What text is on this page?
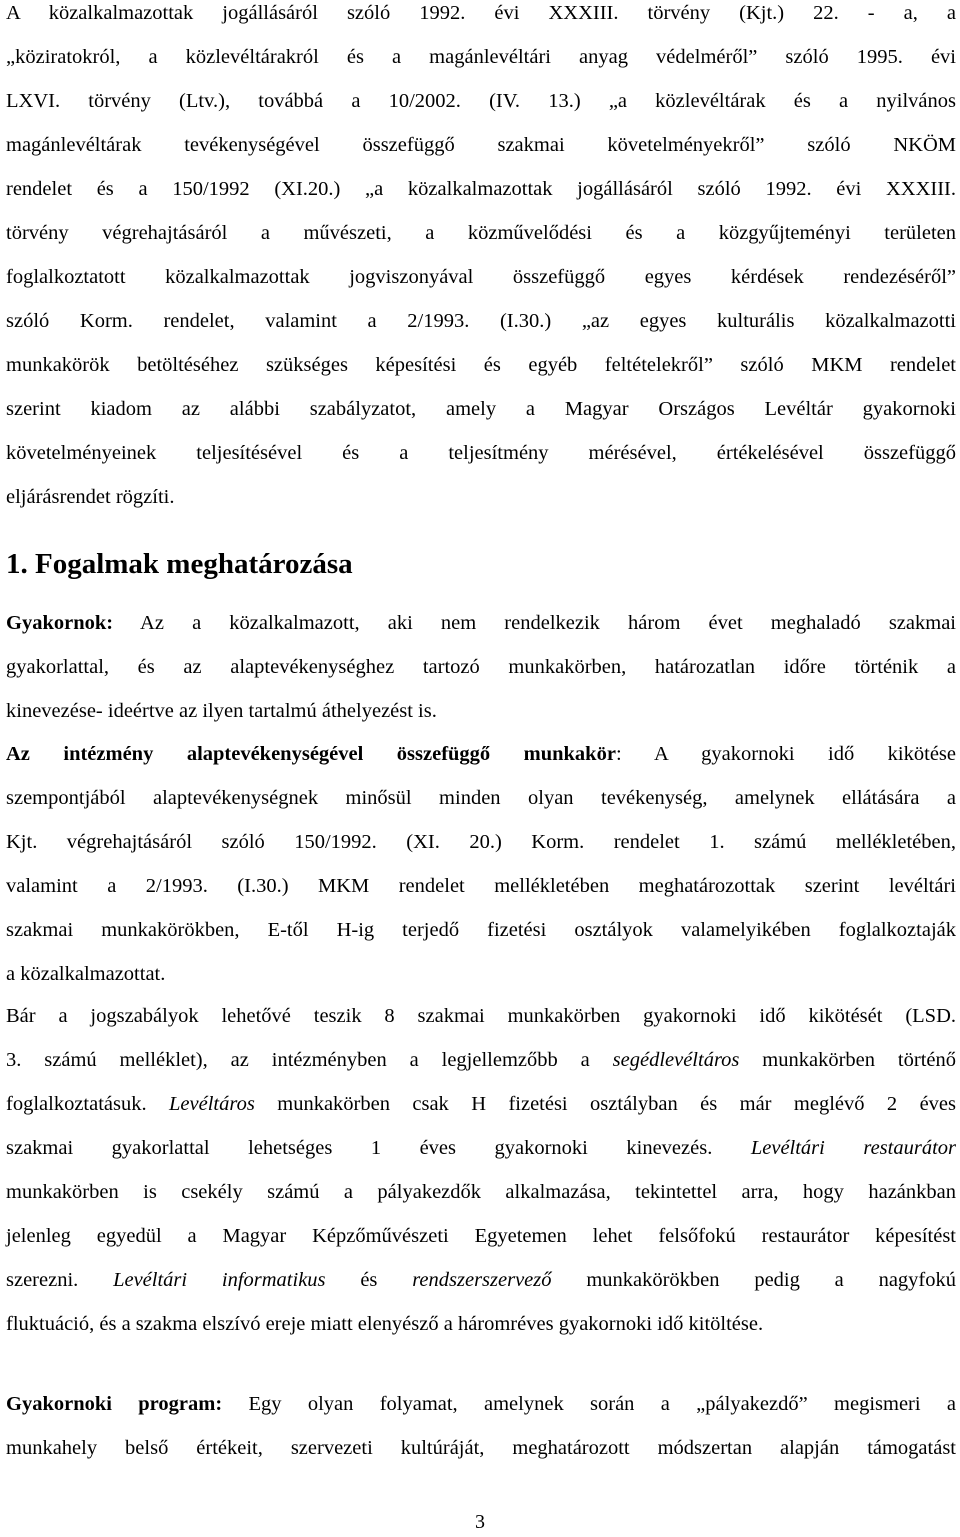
A közalkalmazottak jogállásáról szóló 1992. évi XXXIII. törvény (Kjt.) 22. - a, a
„köziratokról, a közlevéltárakról és a magánlevéltári anyag védelméről” szóló 1995. évi
LXVI. törvény (Ltv.), továbbá a 10/2002. (IV. 13.) „a közlevéltárak és a nyilvános
magánlevéltárak tevékenységével összefüggő szakmai követelményekről” szóló NKÖM
rendelet és a 150/1992 (XI.20.) „a közalkalmazottak jogállásáról szóló 1992. évi XXXIII.
törvény végrehajtásáról a művészeti, a közművelődési és a közgyűjteményi területen
foglalkoztatott közalkalmazottak jogviszonyával összefüggő egyes kérdések rendezéséről”
szóló Korm. rendelet, valamint a 2/1993. (I.30.) „az egyes kulturális közalkalmazotti
munkakörök betöltéséhez szükséges képesítési és egyéb feltételekről” szóló MKM rendelet
szerint kiadom az alábbi szabályzatot, amely a Magyar Országos Levéltár gyakornoki
követelményeinek teljesítésével és a teljesítmény mérésével, értékelésével összefüggő
eljárásrendet rögzíti.
1. Fogalmak meghatározása
Gyakornok: Az a közalkalmazott, aki nem rendelkezik három évet meghaladó szakmai
gyakorlattal, és az alaptevékenységhez tartozó munkakörben, határozatlan időre történik a
kinevezése- ideértve az ilyen tartalmú áthelyezést is.
Az intézmény alaptevékenységével összefüggő munkakör: A gyakornoki idő kikötése
szempontjából alaptevékenységnek minősül minden olyan tevékenység, amelynek ellátására a
Kjt. végrehajtásáról szóló 150/1992. (XI. 20.) Korm. rendelet 1. számú mellékletében,
valamint a 2/1993. (I.30.) MKM rendelet mellékletében meghatározottak szerint levéltári
szakmai munkakörökben, E-től H-ig terjedő fizetési osztályok valamelyikében foglalkoztaják
a közalkalmazottat.
Bár a jogszabályok lehetővé teszik 8 szakmai munkakörben gyakornoki idő kikötését (LSD.
3. számú melléklet), az intézményben a legjellemzőbb a segédlevéltáros munkakörben történő
foglalkoztatásuk. Levéltáros munkakörben csak H fizetési osztályban és már meglévő 2 éves
szakmai gyakorlattal lehetséges 1 éves gyakornoki kinevezés. Levéltári restaurátor
munkakörben is csekély számú a pályakezdők alkalmazása, tekintettel arra, hogy hazánkban
jelenleg egyedül a Magyar Képzőművészeti Egyetemen lehet felsőfokú restaurátor képesítést
szerezni. Levéltári informatikus és rendszerszervező munkakörökben pedig a nagyfokú
fluktuáció, és a szakma elszívó ereje miatt elenyésző a háromréves gyakornoki idő kitöltése.
Gyakornoki program: Egy olyan folyamat, amelynek során a „pályakezdő” megismeri a
munkahely belső értékeit, szervezeti kultúráját, meghatározott módszertan alapján támogatást
3
